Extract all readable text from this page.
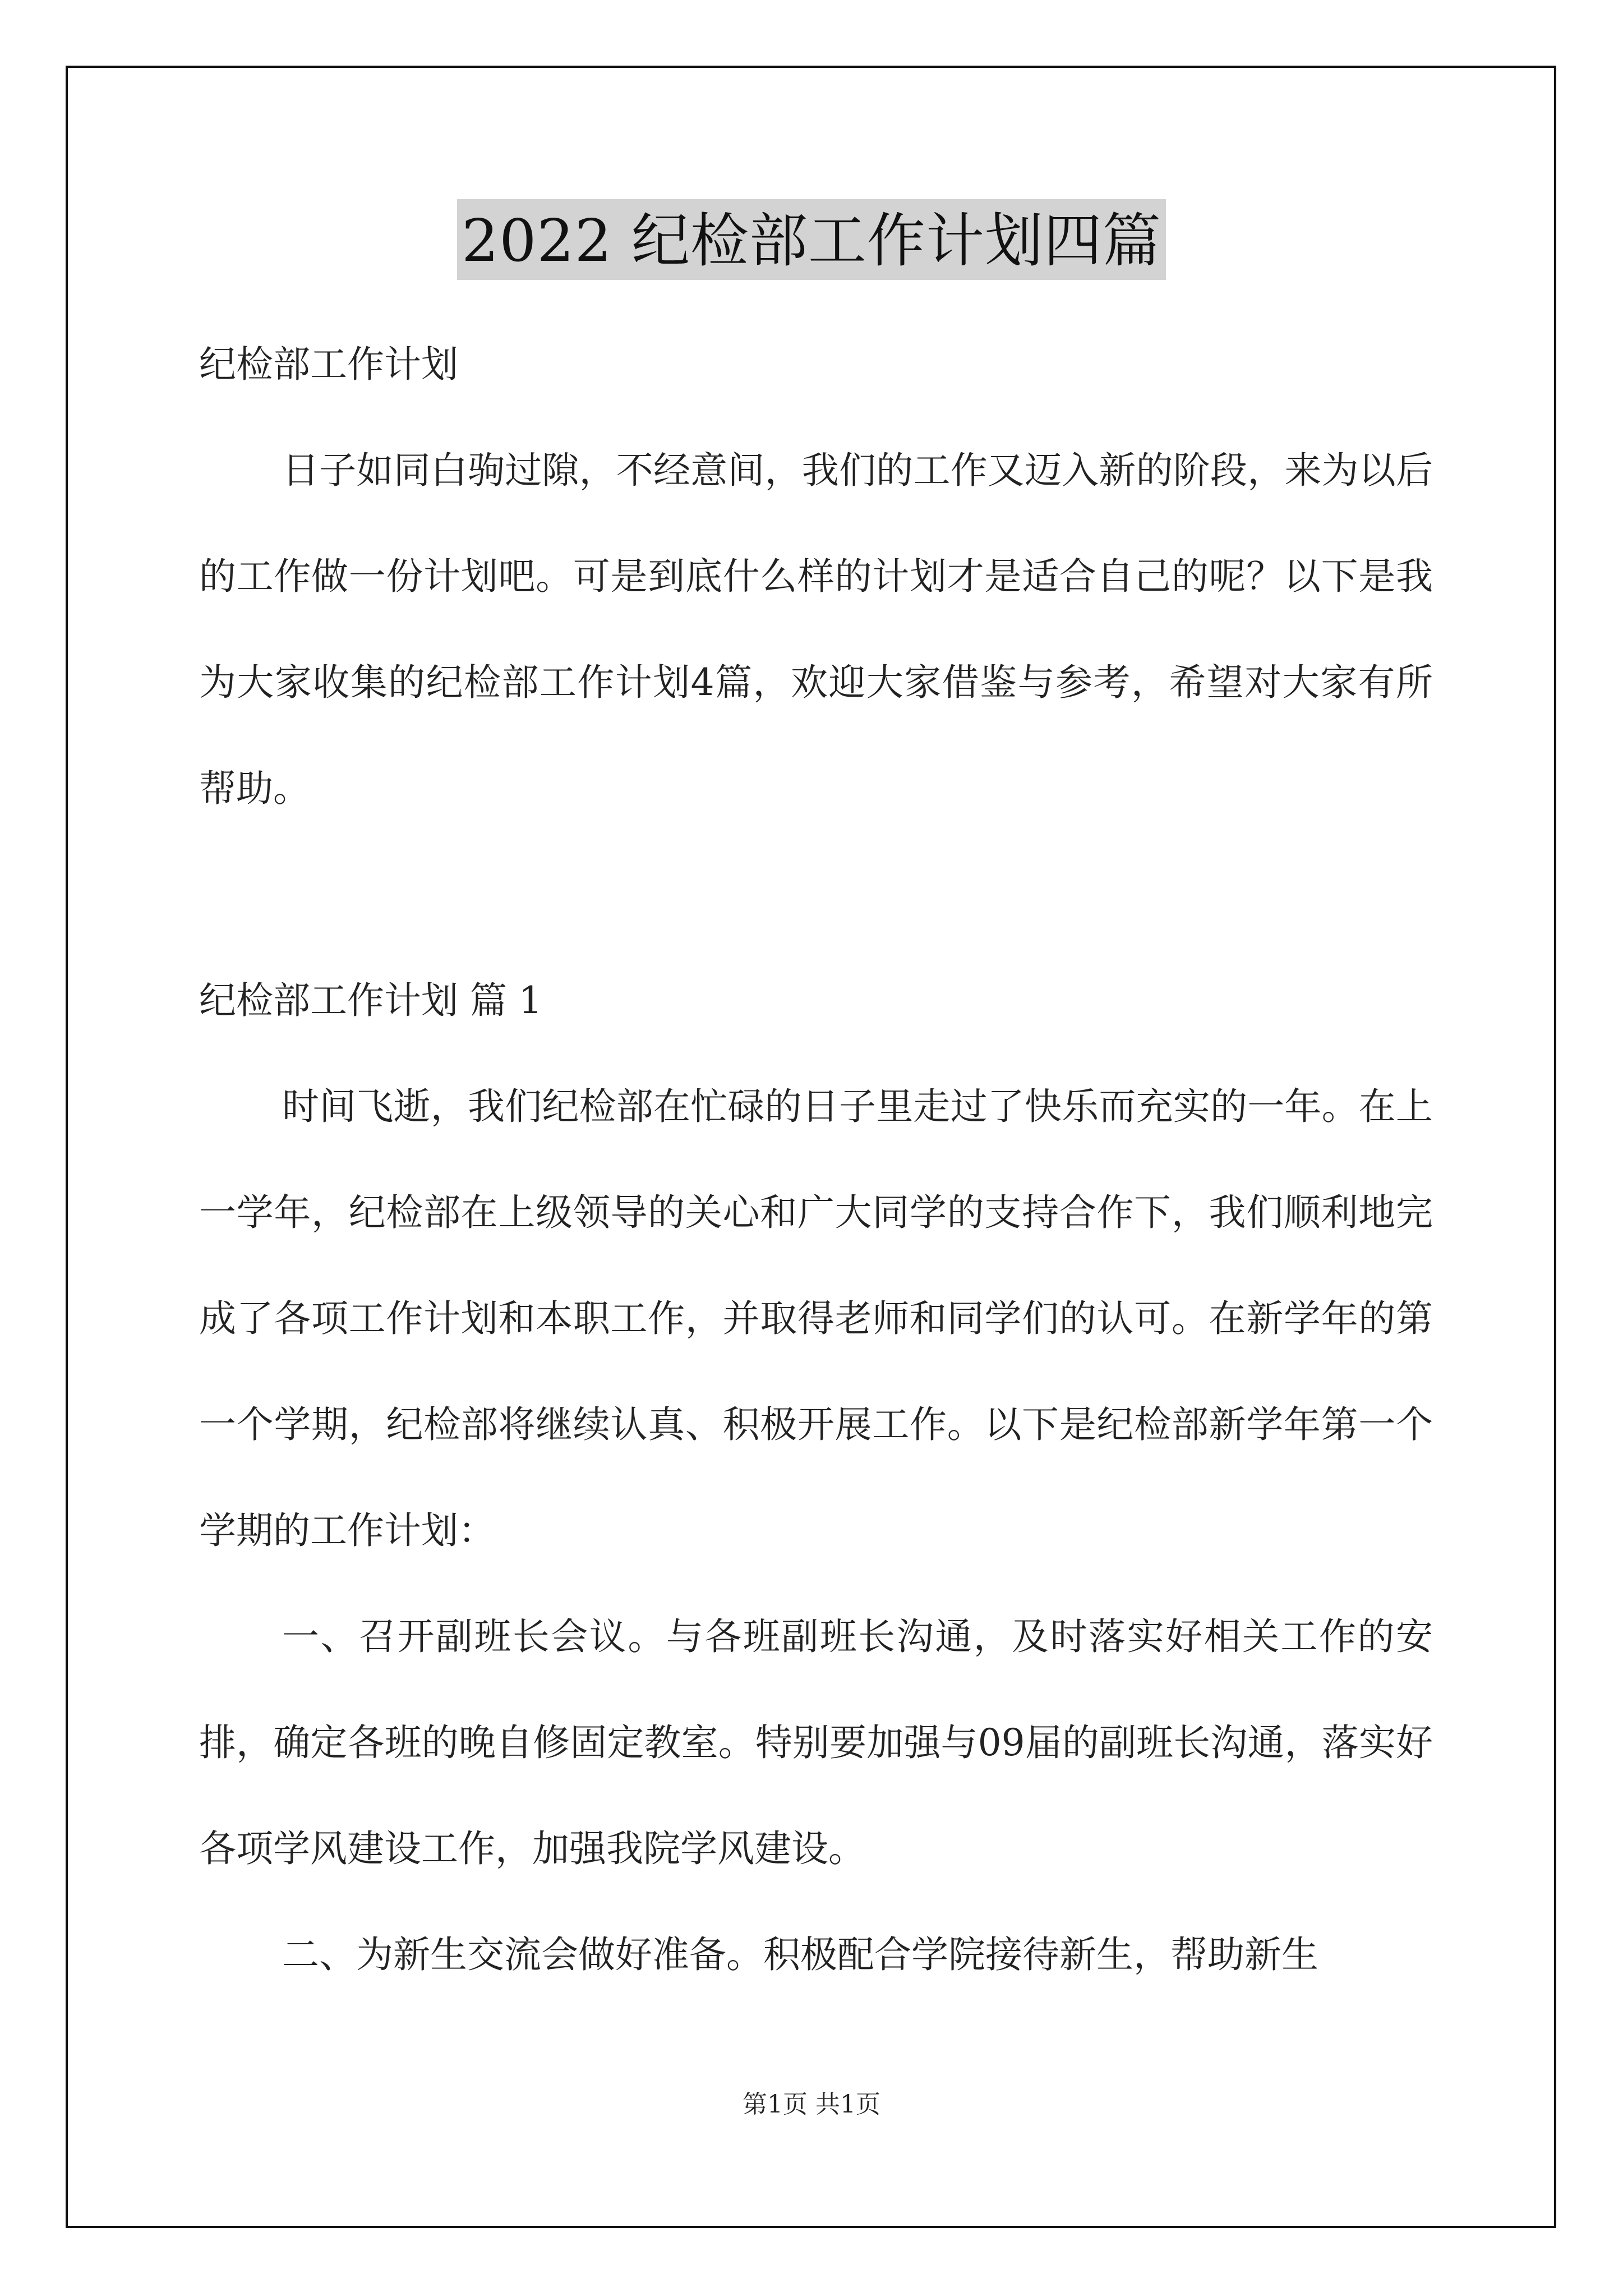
2022 纪检部工作计划四篇

纪检部工作计划

日子如同白驹过隙，不经意间，我们的工作又迈入新的阶段，来为以后的工作做一份计划吧。可是到底什么样的计划才是适合自己的呢？以下是我为大家收集的纪检部工作计划4篇，欢迎大家借鉴与参考，希望对大家有所帮助。

纪检部工作计划 篇 1

时间飞逝，我们纪检部在忙碌的日子里走过了快乐而充实的一年。在上一学年，纪检部在上级领导的关心和广大同学的支持合作下，我们顺利地完成了各项工作计划和本职工作，并取得老师和同学们的认可。在新学年的第一个学期，纪检部将继续认真、积极开展工作。以下是纪检部新学年第一个学期的工作计划：

一、召开副班长会议。与各班副班长沟通，及时落实好相关工作的安排，确定各班的晚自修固定教室。特别要加强与09届的副班长沟通，落实好各项学风建设工作，加强我院学风建设。

二、为新生交流会做好准备。积极配合学院接待新生，帮助新生

第1页 共1页
